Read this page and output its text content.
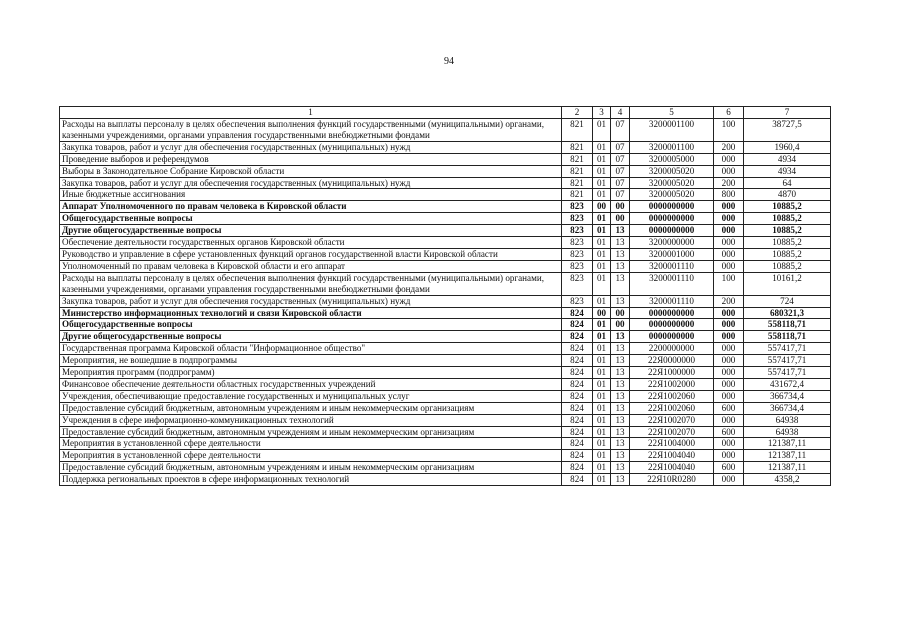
94
1	2	3	4	5	6	7
Расходы на выплаты персоналу в целях обеспечения выполнения функций государственными (муниципальными) органами, казенными учреждениями, органами управления государственными внебюджетными фондами	821	01	07	3200001100	100	38727,5
Закупка товаров, работ и услуг для обеспечения государственных (муниципальных) нужд	821	01	07	3200001100	200	1960,4
Проведение выборов и референдумов	821	01	07	3200005000	000	4934
Выборы в Законодательное Собрание Кировской области	821	01	07	3200005020	000	4934
Закупка товаров, работ и услуг для обеспечения государственных (муниципальных) нужд	821	01	07	3200005020	200	64
Иные бюджетные ассигнования	821	01	07	3200005020	800	4870
Аппарат Уполномоченного по правам человека в Кировской области	823	00	00	0000000000	000	10885,2
Общегосударственные вопросы	823	01	00	0000000000	000	10885,2
Другие общегосударственные вопросы	823	01	13	0000000000	000	10885,2
Обеспечение деятельности государственных органов Кировской области	823	01	13	3200000000	000	10885,2
Руководство и управление в сфере установленных функций органов государственной власти Кировской области	823	01	13	3200001000	000	10885,2
Уполномоченный по правам человека в Кировской области и его аппарат	823	01	13	3200001110	000	10885,2
Расходы на выплаты персоналу в целях обеспечения выполнения функций государственными (муниципальными) органами, казенными учреждениями, органами управления государственными внебюджетными фондами	823	01	13	3200001110	100	10161,2
Закупка товаров, работ и услуг для обеспечения государственных (муниципальных) нужд	823	01	13	3200001110	200	724
Министерство информационных технологий и связи Кировской области	824	00	00	0000000000	000	680321,3
Общегосударственные вопросы	824	01	00	0000000000	000	558118,71
Другие общегосударственные вопросы	824	01	13	0000000000	000	558118,71
Государственная программа Кировской области "Информационное общество"	824	01	13	2200000000	000	557417,71
Мероприятия, не вошедшие в подпрограммы	824	01	13	22Я0000000	000	557417,71
Мероприятия программ (подпрограмм)	824	01	13	22Я1000000	000	557417,71
Финансовое обеспечение деятельности областных государственных учреждений	824	01	13	22Я1002000	000	431672,4
Учреждения, обеспечивающие предоставление государственных и муниципальных услуг	824	01	13	22Я1002060	000	366734,4
Предоставление субсидий бюджетным, автономным учреждениям и иным некоммерческим организациям	824	01	13	22Я1002060	600	366734,4
Учреждения в сфере информационно-коммуникационных технологий	824	01	13	22Я1002070	000	64938
Предоставление субсидий бюджетным, автономным учреждениям и иным некоммерческим организациям	824	01	13	22Я1002070	600	64938
Мероприятия в установленной сфере деятельности	824	01	13	22Я1004000	000	121387,11
Мероприятия в установленной сфере деятельности	824	01	13	22Я1004040	000	121387,11
Предоставление субсидий бюджетным, автономным учреждениям и иным некоммерческим организациям	824	01	13	22Я1004040	600	121387,11
Поддержка региональных проектов в сфере информационных технологий	824	01	13	22Я10R0280	000	4358,2
